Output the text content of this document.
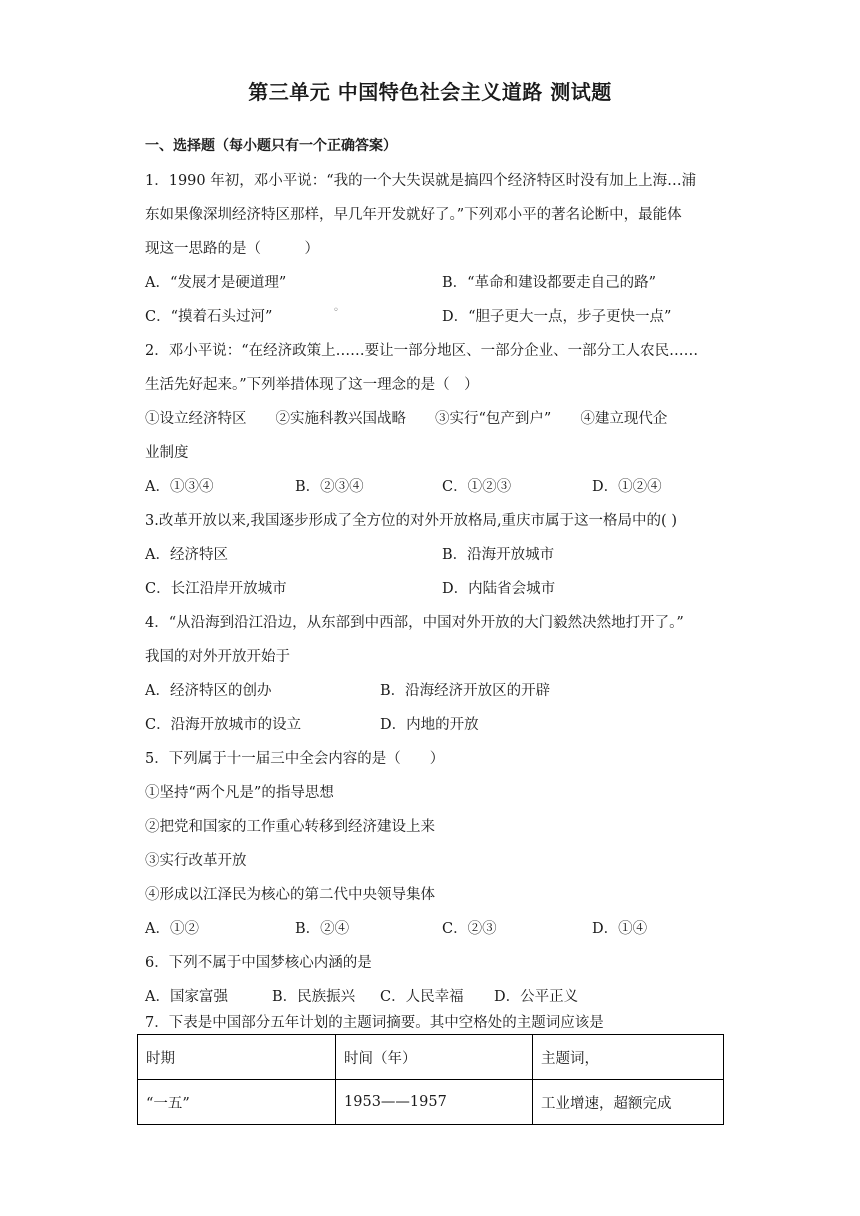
第三单元 中国特色社会主义道路 测试题
一、选择题（每小题只有一个正确答案）
1．1990 年初，邓小平说：“我的一个大失误就是搞四个经济特区时没有加上上海…浦
东如果像深圳经济特区那样，早几年开发就好了。”下列邓小平的著名论断中，最能体
现这一思路的是（　　　）
A．“发展才是硬道理”	B．“革命和建设都要走自己的路”
C．“摸着石头过河”	◦	D．“胆子更大一点，步子更快一点”
2．邓小平说：“在经济政策上……要让一部分地区、一部分企业、一部分工人农民……
生活先好起来。”下列举措体现了这一理念的是（　）
①设立经济特区　　②实施科教兴国战略　　③实行“包产到户”　　④建立现代企
业制度
A．①③④	B．②③④	C．①②③	D．①②④
3.改革开放以来,我国逐步形成了全方位的对外开放格局,重庆市属于这一格局中的( )
A．经济特区	B．沿海开放城市
C．长江沿岸开放城市	D．内陆省会城市
4．“从沿海到沿江沿边，从东部到中西部，中国对外开放的大门毅然决然地打开了。”
我国的对外开放开始于
A．经济特区的创办	B．沿海经济开放区的开辟
C．沿海开放城市的设立	D．内地的开放
5．下列属于十一届三中全会内容的是（　　）
①坚持“两个凡是”的指导思想
②把党和国家的工作重心转移到经济建设上来
③实行改革开放
④形成以江泽民为核心的第二代中央领导集体
A．①②	B．②④	C．②③	D．①④
6．下列不属于中国梦核心内涵的是
A．国家富强	B．民族振兴 C．人民幸福 D．公平正义
7．下表是中国部分五年计划的主题词摘要。其中空格处的主题词应该是
时期	时间（年）	主题词，
“一五”	1953——1957	工业增速，超额完成
